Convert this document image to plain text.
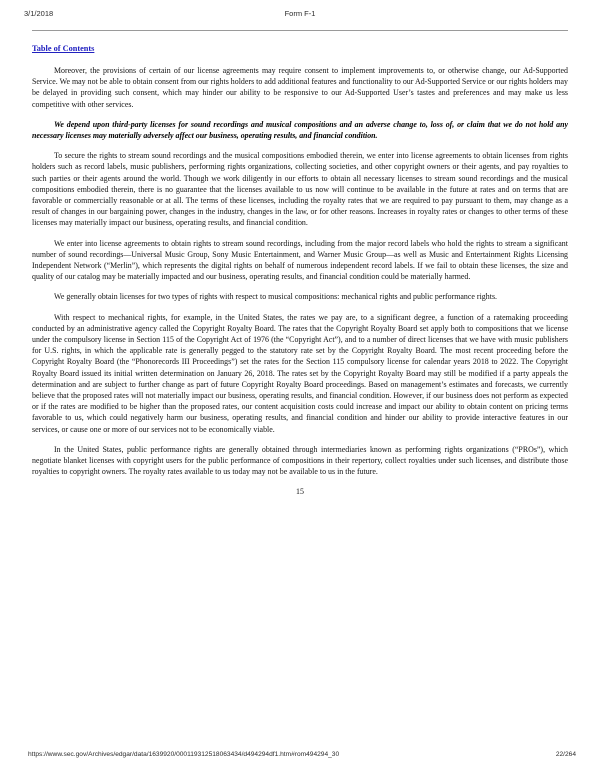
3/1/2018	Form F-1
Table of Contents

Moreover, the provisions of certain of our license agreements may require consent to implement improvements to, or otherwise change, our Ad-Supported Service. We may not be able to obtain consent from our rights holders to add additional features and functionality to our Ad-Supported Service or our rights holders may be delayed in providing such consent, which may hinder our ability to be responsive to our Ad-Supported User’s tastes and preferences and may make us less competitive with other services.

We depend upon third-party licenses for sound recordings and musical compositions and an adverse change to, loss of, or claim that we do not hold any necessary licenses may materially adversely affect our business, operating results, and financial condition.

To secure the rights to stream sound recordings and the musical compositions embodied therein, we enter into license agreements to obtain licenses from rights holders such as record labels, music publishers, performing rights organizations, collecting societies, and other copyright owners or their agents, and pay royalties to such parties or their agents around the world. Though we work diligently in our efforts to obtain all necessary licenses to stream sound recordings and the musical compositions embodied therein, there is no guarantee that the licenses available to us now will continue to be available in the future at rates and on terms that are favorable or commercially reasonable or at all. The terms of these licenses, including the royalty rates that we are required to pay pursuant to them, may change as a result of changes in our bargaining power, changes in the industry, changes in the law, or for other reasons. Increases in royalty rates or changes to other terms of these licenses may materially impact our business, operating results, and financial condition.

We enter into license agreements to obtain rights to stream sound recordings, including from the major record labels who hold the rights to stream a significant number of sound recordings—Universal Music Group, Sony Music Entertainment, and Warner Music Group—as well as Music and Entertainment Rights Licensing Independent Network (“Merlin”), which represents the digital rights on behalf of numerous independent record labels. If we fail to obtain these licenses, the size and quality of our catalog may be materially impacted and our business, operating results, and financial condition could be materially harmed.

We generally obtain licenses for two types of rights with respect to musical compositions: mechanical rights and public performance rights.

With respect to mechanical rights, for example, in the United States, the rates we pay are, to a significant degree, a function of a ratemaking proceeding conducted by an administrative agency called the Copyright Royalty Board. The rates that the Copyright Royalty Board set apply both to compositions that we license under the compulsory license in Section 115 of the Copyright Act of 1976 (the “Copyright Act”), and to a number of direct licenses that we have with music publishers for U.S. rights, in which the applicable rate is generally pegged to the statutory rate set by the Copyright Royalty Board. The most recent proceeding before the Copyright Royalty Board (the “Phonorecords III Proceedings”) set the rates for the Section 115 compulsory license for calendar years 2018 to 2022. The Copyright Royalty Board issued its initial written determination on January 26, 2018. The rates set by the Copyright Royalty Board may still be modified if a party appeals the determination and are subject to further change as part of future Copyright Royalty Board proceedings. Based on management’s estimates and forecasts, we currently believe that the proposed rates will not materially impact our business, operating results, and financial condition. However, if our business does not perform as expected or if the rates are modified to be higher than the proposed rates, our content acquisition costs could increase and impact our ability to obtain content on pricing terms favorable to us, which could negatively harm our business, operating results, and financial condition and hinder our ability to provide interactive features in our services, or cause one or more of our services not to be economically viable.

In the United States, public performance rights are generally obtained through intermediaries known as performing rights organizations (“PROs”), which negotiate blanket licenses with copyright users for the public performance of compositions in their repertory, collect royalties under such licenses, and distribute those royalties to copyright owners. The royalty rates available to us today may not be available to us in the future.

15
https://www.sec.gov/Archives/edgar/data/1639920/000119312518063434/d494294df1.htm#rom494294_30	22/264
